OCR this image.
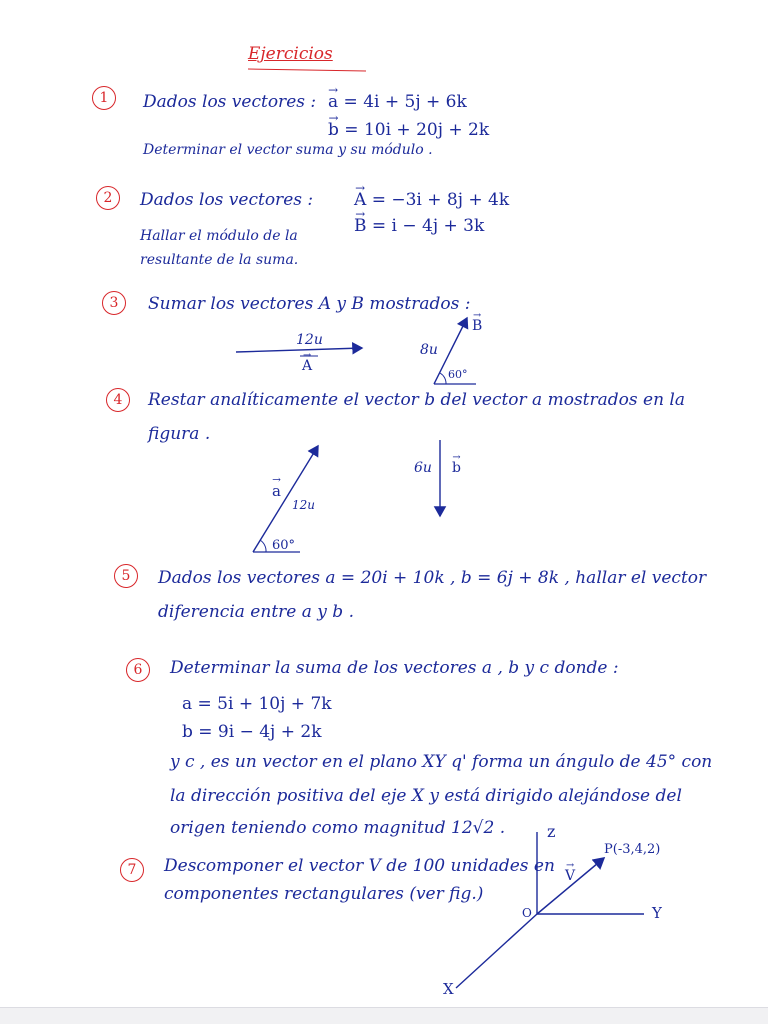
Ejercicios
1	Dados los vectores : → a = 4i + 5j + 6k
→ b = 10i + 20j + 2k
Determinar el vector suma y su módulo .
2	Dados los vectores : → A = −3i + 8j + 4k
→ B = i − 4j + 3k
Hallar el módulo de la
resultante de la suma.
3	Sumar los vectores A y B mostrados :
12u
→ A
8u
→ B
60°
4	Restar analíticamente el vector b del vector a mostrados en la
figura .
→ a
12u
60°
6u → b
5	Dados los vectores a = 20i + 10k , b = 6j + 8k , hallar el vector
diferencia entre a y b .
6	Determinar la suma de los vectores a , b y c donde :
a = 5i + 10j + 7k
b = 9i − 4j + 2k
y c , es un vector en el plano XY q' forma un ángulo de 45° con
la dirección positiva del eje X y está dirigido alejándose del
origen teniendo como magnitud 12√2 .
7	Descomponer el vector V de 100 unidades en
componentes rectangulares (ver fig.)
z
Y
X
O
P(-3,4,2)
→ V
